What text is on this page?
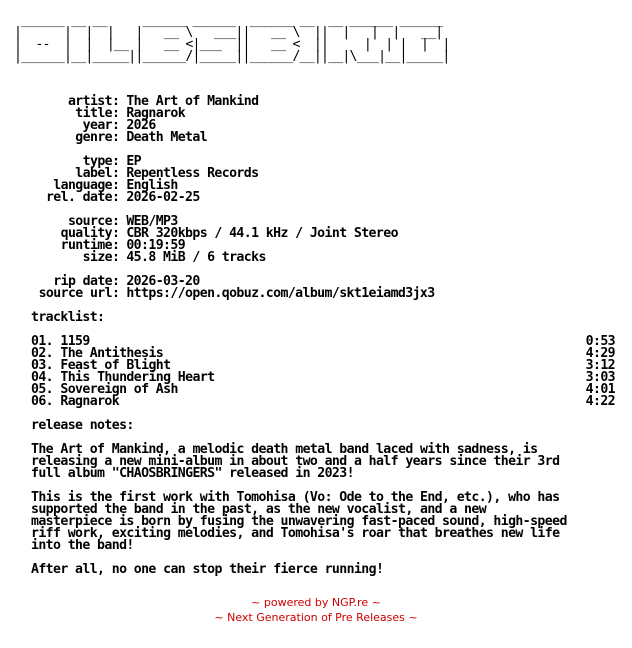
______ __ __     ______ ______  ______ __  __ ______ ______
|      |  |  |   |   __ \   ___||   __ \  ||  |   |  |   __|
|  --  |  |  |__ |   __ <|___  ||   __ <  ||     |  | |  |  |
|______|__|_____||______/|_____||______/__||__|\___|__|_____|
artist: The Art of Mankind
title: Ragnarok
year: 2026
genre: Death Metal
type: EP
label: Repentless Records
language: English
rel. date: 2026-02-25
source: WEB/MP3
quality: CBR 320kbps / 44.1 kHz / Joint Stereo
runtime: 00:19:59
size: 45.8 MiB / 6 tracks
rip date: 2026-03-20
source url: https://open.qobuz.com/album/skt1eiamd3jx3
tracklist:
01. 1159	0:53
02. The Antithesis	4:29
03. Feast of Blight	3:12
04. This Thundering Heart	3:03
05. Sovereign of Ash	4:01
06. Ragnarok	4:22
release notes:
The Art of Mankind, a melodic death metal band laced with sadness, is
releasing a new mini-album in about two and a half years since their 3rd
full album "CHAOSBRINGERS" released in 2023!
This is the first work with Tomohisa (Vo: Ode to the End, etc.), who has
supported the band in the past, as the new vocalist, and a new
masterpiece is born by fusing the unwavering fast-paced sound, high-speed
riff work, exciting melodies, and Tomohisa's roar that breathes new life
into the band!
After all, no one can stop their fierce running!
~ powered by NGP.re ~
~ Next Generation of Pre Releases ~
